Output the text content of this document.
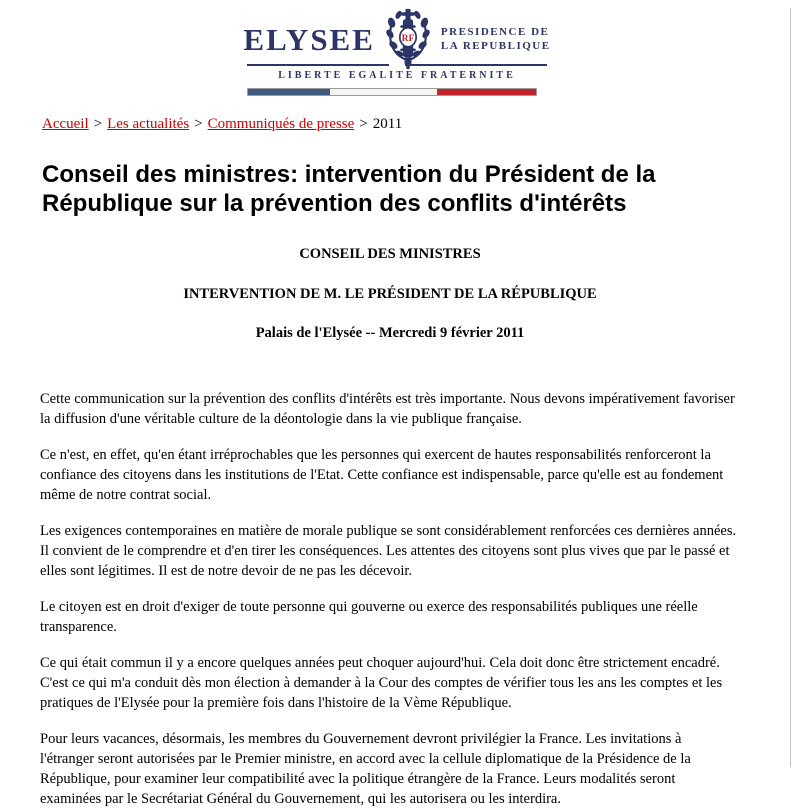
ELYSEE RF
PRESIDENCE DE
LA REPUBLIQUE
LIBERTE EGALITE FRATERNITE
Accueil > Les actualités > Communiqués de presse > 2011
Conseil des ministres: intervention du Président de la République sur la prévention des conflits d'intérêts
CONSEIL DES MINISTRES
INTERVENTION DE M. LE PRÉSIDENT DE LA RÉPUBLIQUE
Palais de l'Elysée -- Mercredi 9 février 2011

Cette communication sur la prévention des conflits d'intérêts est très importante. Nous devons impérativement favoriser la diffusion d'une véritable culture de la déontologie dans la vie publique française.

Ce n'est, en effet, qu'en étant irréprochables que les personnes qui exercent de hautes responsabilités renforceront la confiance des citoyens dans les institutions de l'Etat. Cette confiance est indispensable, parce qu'elle est au fondement même de notre contrat social.

Les exigences contemporaines en matière de morale publique se sont considérablement renforcées ces dernières années. Il convient de le comprendre et d'en tirer les conséquences. Les attentes des citoyens sont plus vives que par le passé et elles sont légitimes. Il est de notre devoir de ne pas les décevoir.

Le citoyen est en droit d'exiger de toute personne qui gouverne ou exerce des responsabilités publiques une réelle transparence.

Ce qui était commun il y a encore quelques années peut choquer aujourd'hui. Cela doit donc être strictement encadré. C'est ce qui m'a conduit dès mon élection à demander à la Cour des comptes de vérifier tous les ans les comptes et les pratiques de l'Elysée pour la première fois dans l'histoire de la Vème République.

Pour leurs vacances, désormais, les membres du Gouvernement devront privilégier la France. Les invitations à l'étranger seront autorisées par le Premier ministre, en accord avec la cellule diplomatique de la Présidence de la République, pour examiner leur compatibilité avec la politique étrangère de la France. Leurs modalités seront examinées par le Secrétariat Général du Gouvernement, qui les autorisera ou les interdira.
